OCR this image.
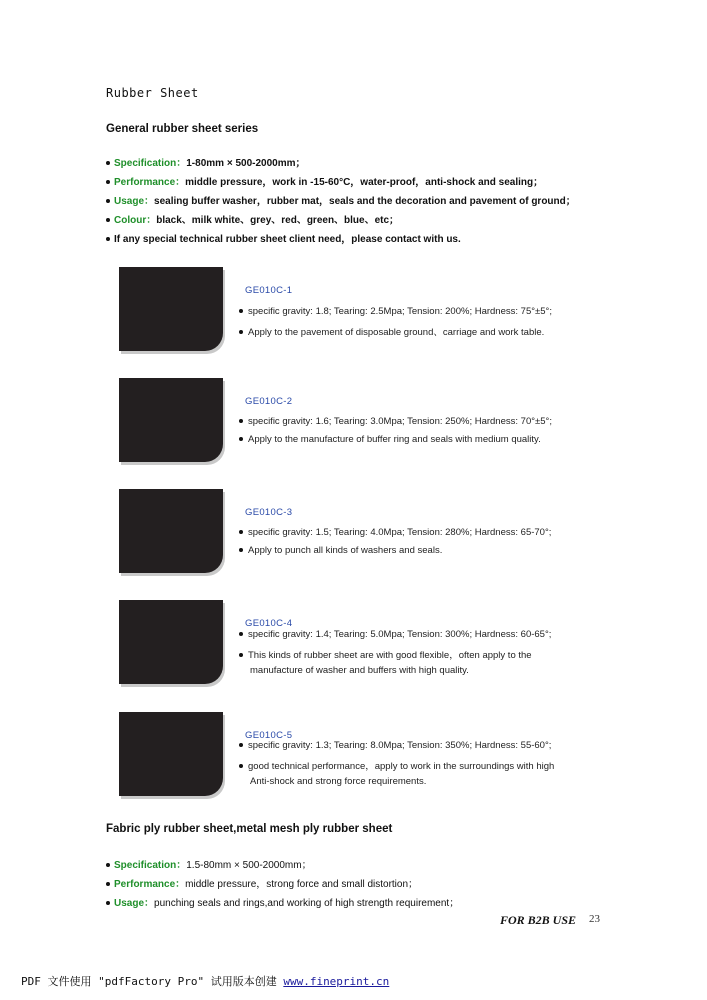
Rubber Sheet
General rubber sheet series
Specification：1-80mm × 500-2000mm；
Performance：middle pressure，work in -15-60°C，water-proof，anti-shock and sealing；
Usage：sealing buffer washer，rubber mat，seals and the decoration and pavement of ground；
Colour：black、milk white、grey、red、green、blue、etc；
If any special technical rubber sheet client need，please contact with us.
GE010C-1
specific gravity: 1.8; Tearing: 2.5Mpa; Tension: 200%; Hardness: 75°±5°;
Apply to the pavement of disposable ground、carriage and work table.
GE010C-2
specific gravity: 1.6; Tearing: 3.0Mpa; Tension: 250%; Hardness: 70°±5°;
Apply to the manufacture of buffer ring and seals with medium quality.
GE010C-3
specific gravity: 1.5; Tearing: 4.0Mpa; Tension: 280%; Hardness: 65-70°;
Apply to punch all kinds of washers and seals.
GE010C-4
specific gravity: 1.4; Tearing: 5.0Mpa; Tension: 300%; Hardness: 60-65°;
This kinds of rubber sheet are with good flexible，often apply to the
manufacture of washer and buffers with high quality.
GE010C-5
specific gravity: 1.3; Tearing: 8.0Mpa; Tension: 350%; Hardness: 55-60°;
good technical performance，apply to work in the surroundings with high
Anti-shock and strong force requirements.
Fabric ply rubber sheet,metal mesh ply rubber sheet
Specification：1.5-80mm × 500-2000mm；
Performance：middle pressure，strong force and small distortion；
Usage：punching seals and rings,and working of high strength requirement；
FOR B2B USE 23
PDF 文件使用 "pdfFactory Pro" 试用版本创建 www.fineprint.cn
